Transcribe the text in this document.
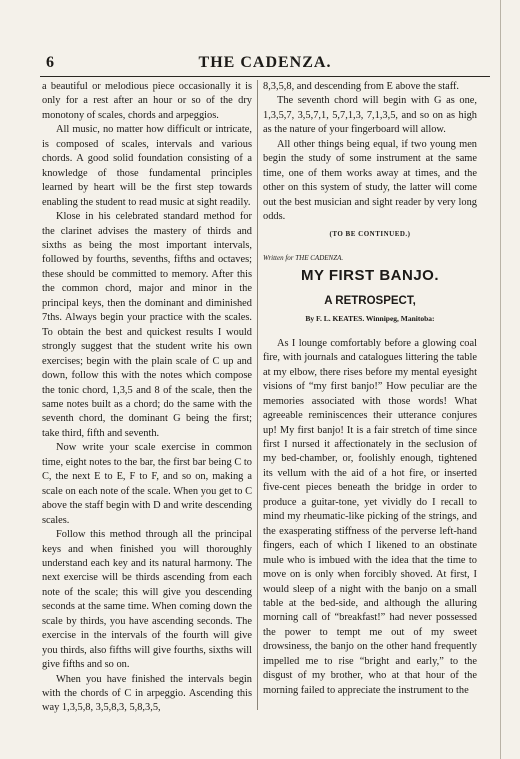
6	THE CADENZA.

a beautiful or melodious piece occasionally it is only for a rest after an hour or so of the dry monotony of scales, chords and arpeggios.

All music, no matter how difficult or intricate, is composed of scales, intervals and various chords. A good solid foundation consisting of a knowledge of those fundamental principles learned by heart will be the first step towards enabling the student to read music at sight readily.

Klose in his celebrated standard method for the clarinet advises the mastery of thirds and sixths as being the most important intervals, followed by fourths, sevenths, fifths and octaves; these should be committed to memory. After this the common chord, major and minor in the principal keys, then the dominant and diminished 7ths. Always begin your practice with the scales. To obtain the best and quickest results I would strongly suggest that the student write his own exercises; begin with the plain scale of C up and down, follow this with the notes which compose the tonic chord, 1,3,5 and 8 of the scale, then the same notes built as a chord; do the same with the seventh chord, the dominant G being the first; take third, fifth and seventh.

Now write your scale exercise in common time, eight notes to the bar, the first bar being C to C, the next E to E, F to F, and so on, making a scale on each note of the scale. When you get to C above the staff begin with D and write descending scales.

Follow this method through all the principal keys and when finished you will thoroughly understand each key and its natural harmony. The next exercise will be thirds ascending from each note of the scale; this will give you descending seconds at the same time. When coming down the scale by thirds, you have ascending seconds. The exercise in the intervals of the fourth will give you thirds, also fifths will give fourths, sixths will give fifths and so on.

When you have finished the intervals begin with the chords of C in arpeggio. Ascending this way 1,3,5,8, 3,5,8,3, 5,8,3,5,

8,3,5,8, and descending from E above the staff.

The seventh chord will begin with G as one, 1,3,5,7, 3,5,7,1, 5,7,1,3, 7,1,3,5, and so on as high as the nature of your fingerboard will allow.

All other things being equal, if two young men begin the study of some instrument at the same time, one of them works away at times, and the other on this system of study, the latter will come out the best musician and sight reader by very long odds.

(TO BE CONTINUED.)
Written for THE CADENZA.
MY FIRST BANJO.
A RETROSPECT,
By F. L. KEATES. Winnipeg, Manitoba:

As I lounge comfortably before a glowing coal fire, with journals and catalogues littering the table at my elbow, there rises before my mental eyesight visions of “my first banjo!” How peculiar are the memories associated with those words! What agreeable reminiscences their utterance conjures up! My first banjo! It is a fair stretch of time since first I nursed it affectionately in the seclusion of my bed-chamber, or, foolishly enough, tightened its vellum with the aid of a hot fire, or inserted five-cent pieces beneath the bridge in order to produce a guitar-tone, yet vividly do I recall to mind my rheumatic-like picking of the strings, and the exasperating stiffness of the perverse left-hand fingers, each of which I likened to an obstinate mule who is imbued with the idea that the time to move on is only when forcibly shoved. At first, I would sleep of a night with the banjo on a small table at the bed-side, and although the alluring morning call of “breakfast!” had never possessed the power to tempt me out of my sweet drowsiness, the banjo on the other hand frequently impelled me to rise “bright and early,” to the disgust of my brother, who at that hour of the morning failed to appreciate the instrument to the
